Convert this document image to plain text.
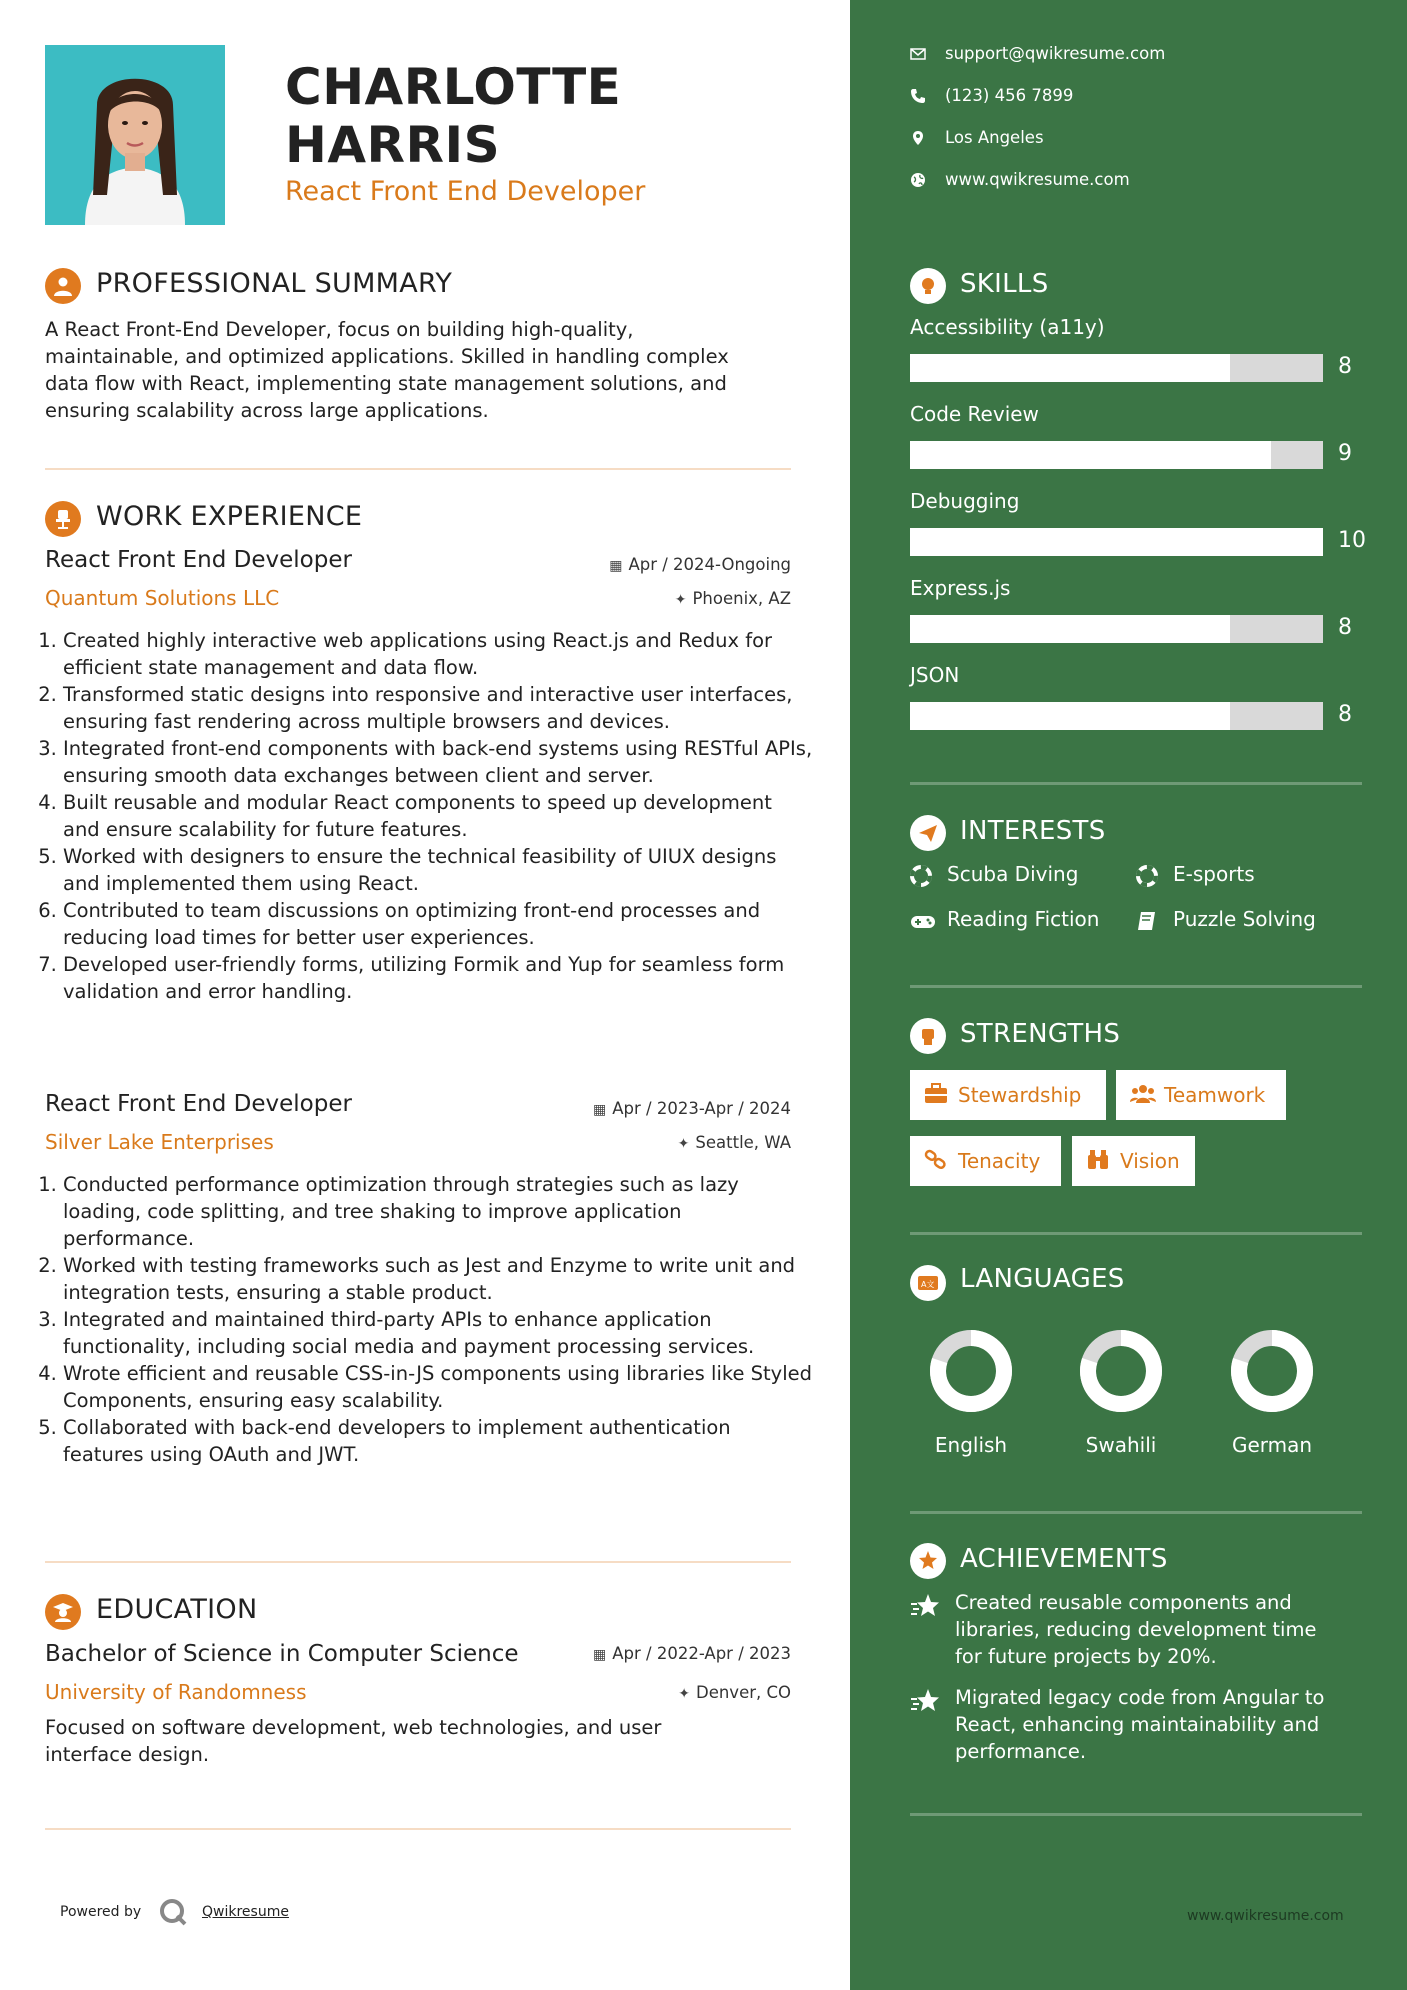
CHARLOTTE
HARRIS
React Front End Developer
PROFESSIONAL SUMMARY
A React Front-End Developer, focus on building high-quality,
maintainable, and optimized applications. Skilled in handling complex
data flow with React, implementing state management solutions, and
ensuring scalability across large applications.
WORK EXPERIENCE
React Front End Developer	▦ Apr / 2024-Ongoing
Quantum Solutions LLC	✦ Phoenix, AZ
1. Created highly interactive web applications using React.js and Redux for efficient state management and data flow.
2. Transformed static designs into responsive and interactive user interfaces, ensuring fast rendering across multiple browsers and devices.
3. Integrated front-end components with back-end systems using RESTful APIs, ensuring smooth data exchanges between client and server.
4. Built reusable and modular React components to speed up development and ensure scalability for future features.
5. Worked with designers to ensure the technical feasibility of UIUX designs and implemented them using React.
6. Contributed to team discussions on optimizing front-end processes and reducing load times for better user experiences.
7. Developed user-friendly forms, utilizing Formik and Yup for seamless form validation and error handling.
React Front End Developer	▦ Apr / 2023-Apr / 2024
Silver Lake Enterprises	✦ Seattle, WA
1. Conducted performance optimization through strategies such as lazy loading, code splitting, and tree shaking to improve application performance.
2. Worked with testing frameworks such as Jest and Enzyme to write unit and integration tests, ensuring a stable product.
3. Integrated and maintained third-party APIs to enhance application functionality, including social media and payment processing services.
4. Wrote efficient and reusable CSS-in-JS components using libraries like Styled Components, ensuring easy scalability.
5. Collaborated with back-end developers to implement authentication features using OAuth and JWT.
EDUCATION
Bachelor of Science in Computer Science	▦ Apr / 2022-Apr / 2023
University of Randomness	✦ Denver, CO
Focused on software development, web technologies, and user
interface design.
Powered by	Qwikresume
support@qwikresume.com
(123) 456 7899
Los Angeles
www.qwikresume.com
SKILLS
Accessibility (a11y)
8
Code Review
9
Debugging
10
Express.js
8
JSON
8
INTERESTS
Scuba Diving	E-sports
Reading Fiction	Puzzle Solving
STRENGTHS
Stewardship	Teamwork
Tenacity	Vision
A文 LANGUAGES
English	Swahili	German
ACHIEVEMENTS
Created reusable components and
libraries, reducing development time
for future projects by 20%.
Migrated legacy code from Angular to
React, enhancing maintainability and
performance.
www.qwikresume.com
